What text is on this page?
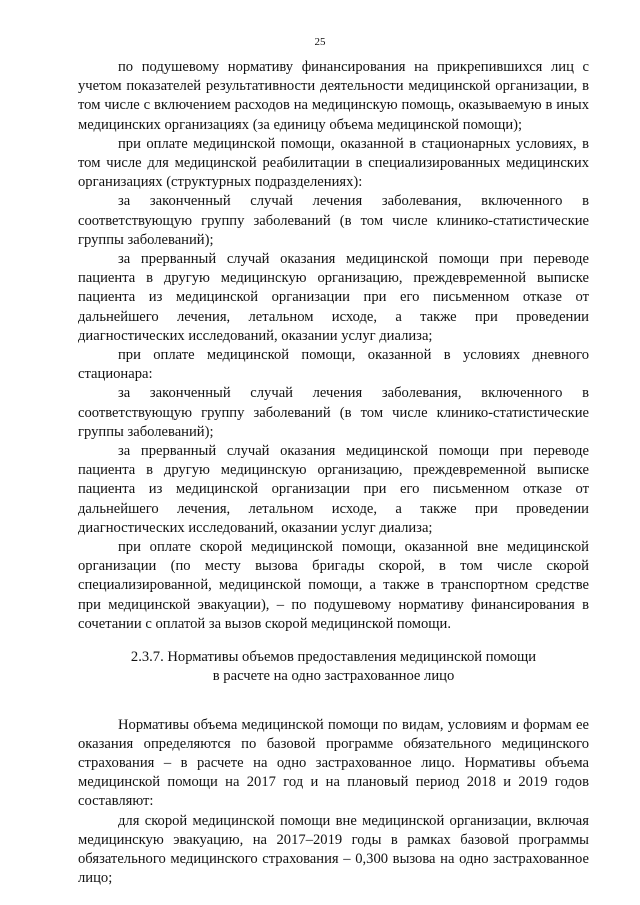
25

по подушевому нормативу финансирования на прикрепившихся лиц с учетом показателей результативности деятельности медицинской организации, в том числе с включением расходов на медицинскую помощь, оказываемую в иных медицинских организациях (за единицу объема медицинской помощи);

при оплате медицинской помощи, оказанной в стационарных условиях, в том числе для медицинской реабилитации в специализированных медицинских организациях (структурных подразделениях):

за законченный случай лечения заболевания, включенного в соответствующую группу заболеваний (в том числе клинико-статистические группы заболеваний);

за прерванный случай оказания медицинской помощи при переводе пациента в другую медицинскую организацию, преждевременной выписке пациента из медицинской организации при его письменном отказе от дальнейшего лечения, летальном исходе, а также при проведении диагностических исследований, оказании услуг диализа;

при оплате медицинской помощи, оказанной в условиях дневного стационара:

за законченный случай лечения заболевания, включенного в соответствующую группу заболеваний (в том числе клинико-статистические группы заболеваний);

за прерванный случай оказания медицинской помощи при переводе пациента в другую медицинскую организацию, преждевременной выписке пациента из медицинской организации при его письменном отказе от дальнейшего лечения, летальном исходе, а также при проведении диагностических исследований, оказании услуг диализа;

при оплате скорой медицинской помощи, оказанной вне медицинской организации (по месту вызова бригады скорой, в том числе скорой специализированной, медицинской помощи, а также в транспортном средстве при медицинской эвакуации), – по подушевому нормативу финансирования в сочетании с оплатой за вызов скорой медицинской помощи.

2.3.7. Нормативы объемов предоставления медицинской помощи
в расчете на одно застрахованное лицо

Нормативы объема медицинской помощи по видам, условиям и формам ее оказания определяются по базовой программе обязательного медицинского страхования – в расчете на одно застрахованное лицо. Нормативы объема медицинской помощи на 2017 год и на плановый период 2018 и 2019 годов составляют:

для скорой медицинской помощи вне медицинской организации, включая медицинскую эвакуацию, на 2017–2019 годы в рамках базовой программы обязательного медицинского страхования – 0,300 вызова на одно застрахованное лицо;
